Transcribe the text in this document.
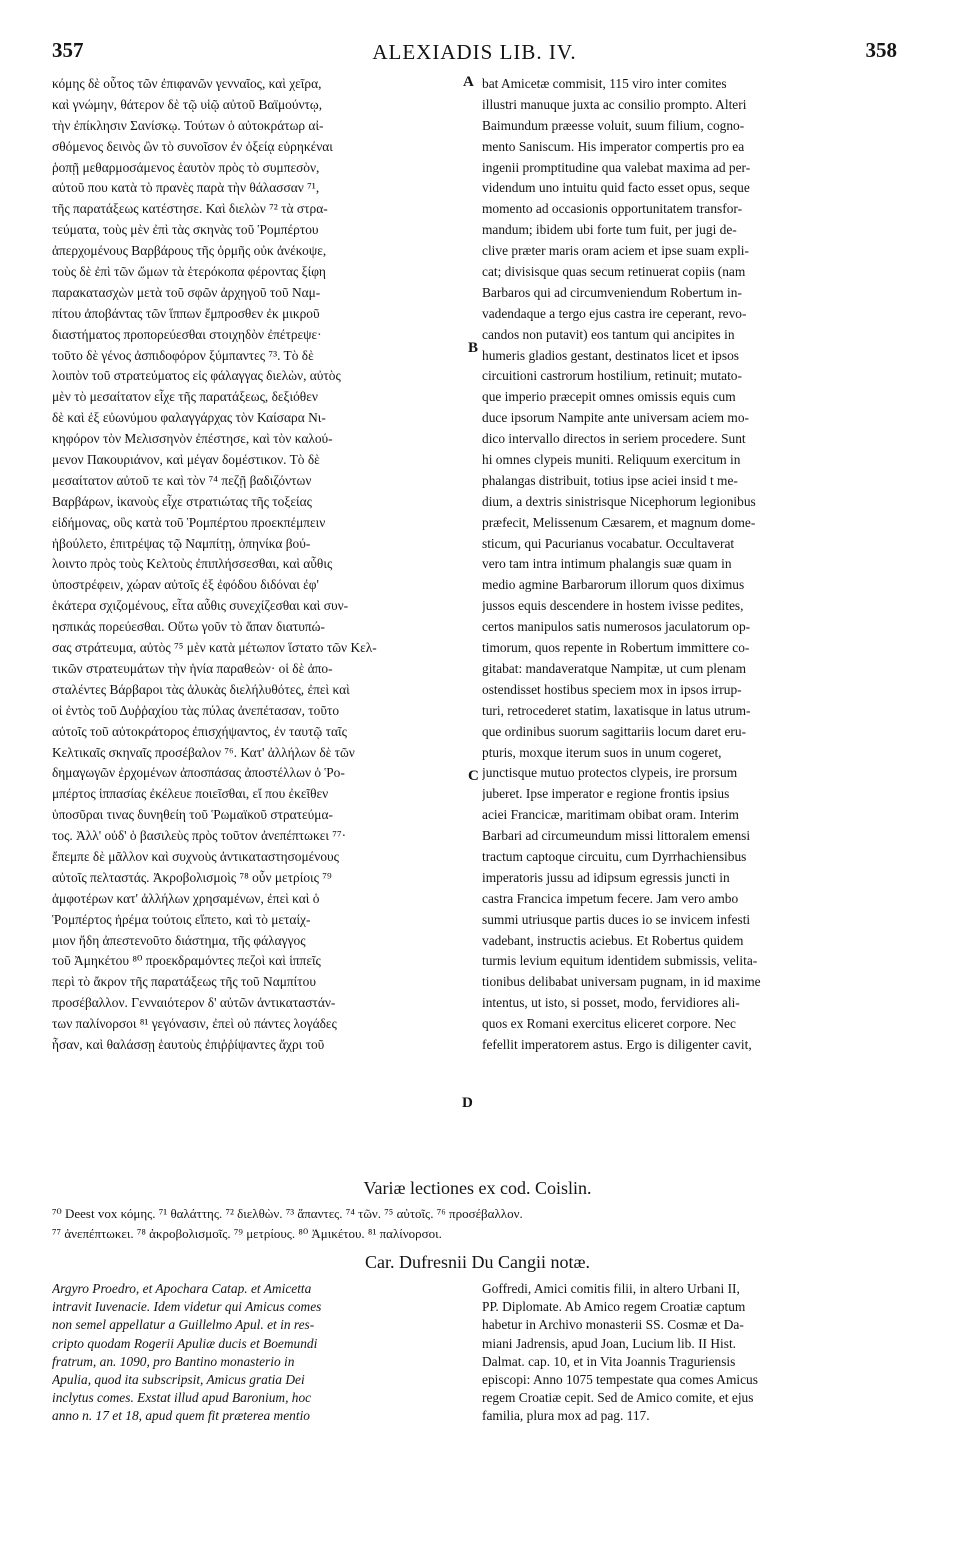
357	ALEXIADIS LIB. IV.	358
κόμης δὲ οὗτος τῶν ἐπιφανῶν γενναῖος, καὶ χεῖρα,
καὶ γνώμην, θάτερον δὲ τῷ υἱῷ αὐτοῦ Βαϊμούντῳ,
τὴν ἐπίκλησιν Σανίσκῳ. Τούτων ὁ αὐτοκράτωρ αἰ-
σθόμενος δεινὸς ὢν τὸ συνοῖσον ἐν ὀξείᾳ εὑρηκέναι
ῥοπῇ μεθαρμοσάμενος ἑαυτὸν πρὸς τὸ συμπεσὸν,
αὐτοῦ που κατὰ τὸ πρανὲς παρὰ τὴν θάλασσαν ⁷¹,
τῆς παρατάξεως κατέστησε. Καὶ διελὼν ⁷² τὰ στρα-
τεύματα, τοὺς μὲν ἐπὶ τὰς σκηνὰς τοῦ Ῥομπέρτου
ἀπερχομένους Βαρβάρους τῆς ὁρμῆς οὐκ ἀνέκοψε,
τοὺς δὲ ἐπὶ τῶν ὤμων τὰ ἑτερόκοπα φέροντας ξίφη
παρακατασχὼν μετὰ τοῦ σφῶν ἀρχηγοῦ τοῦ Ναμ-
πίτου ἀποβάντας τῶν ἵππων ἔμπροσθεν ἐκ μικροῦ
διαστήματος προπορεύεσθαι στοιχηδὸν ἐπέτρεψε·
τοῦτο δὲ γένος ἀσπιδοφόρον ξύμπαντες ⁷³. Τὸ δὲ
λοιπὸν τοῦ στρατεύματος εἰς φάλαγγας διελὼν, αὐτὸς
μὲν τὸ μεσαίτατον εἶχε τῆς παρατάξεως, δεξιόθεν
δὲ καὶ ἐξ εὐωνύμου φαλαγγάρχας τὸν Καίσαρα Νι-
κηφόρον τὸν Μελισσηνὸν ἐπέστησε, καὶ τὸν καλού-
μενον Πακουριάνον, καὶ μέγαν δομέστικον. Τὸ δὲ
μεσαίτατον αὐτοῦ τε καὶ τὸν ⁷⁴ πεζῇ βαδιζόντων
Βαρβάρων, ἱκανοὺς εἶχε στρατιώτας τῆς τοξείας
εἰδήμονας, οὓς κατὰ τοῦ Ῥομπέρτου προεκπέμπειν
ἠβούλετο, ἐπιτρέψας τῷ Ναμπίτῃ, ὁπηνίκα βού-
λοιντο πρὸς τοὺς Κελτοὺς ἐπιπλήσσεσθαι, καὶ αὖθις
ὑποστρέφειν, χώραν αὐτοῖς ἐξ ἐφόδου διδόναι ἐφ'
ἑκάτερα σχιζομένους, εἶτα αὖθις συνεχίζεσθαι καὶ συν-
ησπικάς πορεύεσθαι. Οὕτω γοῦν τὸ ἅπαν διατυπώ-
σας στράτευμα, αὐτὸς ⁷⁵ μὲν κατὰ μέτωπον ἵστατο τῶν Κελ-
τικῶν στρατευμάτων τὴν ἡνία παραθεὼν· οἱ δὲ ἀπο-
σταλέντες Βάρβαροι τὰς ἁλυκὰς διελήλυθότες, ἐπεὶ καὶ
οἱ ἐντὸς τοῦ Δυῤῥαχίου τὰς πύλας ἀνεπέτασαν, τοῦτο
αὐτοῖς τοῦ αὐτοκράτορος ἐπισχήψαντος, ἐν ταυτῷ ταῖς
Κελτικαῖς σκηναῖς προσέβαλον ⁷⁶. Κατ' ἀλλήλων δὲ τῶν
δημαγωγῶν ἐρχομένων ἀποσπάσας ἀποστέλλων ὁ Ῥο-
μπέρτος ἱππασίας ἐκέλευε ποιεῖσθαι, εἴ που ἐκεῖθεν
ὑποσῦραι τινας δυνηθείη τοῦ Ῥωμαϊκοῦ στρατεύμα-
τος. Ἀλλ' οὐδ' ὁ βασιλεὺς πρὸς τοῦτον ἀνεπέπτωκει ⁷⁷·
ἔπεμπε δὲ μᾶλλον καὶ συχνοὺς ἀντικαταστησομένους
αὐτοῖς πελταστάς. Ἀκροβολισμοὶς ⁷⁸ οὖν μετρίοις ⁷⁹
ἀμφοτέρων κατ' ἀλλήλων χρησαμένων, ἐπεὶ καὶ ὁ
Ῥομπέρτος ἠρέμα τούτοις εἵπετο, καὶ τὸ μεταίχ-
μιον ἤδη ἀπεστενοῦτο διάστημα, τῆς φάλαγγος
τοῦ Ἀμηκέτου ⁸⁰ προεκδραμόντες πεζοὶ καὶ ἱππεῖς
περὶ τὸ ἄκρον τῆς παρατάξεως τῆς τοῦ Ναμπίτου
προσέβαλλον. Γενναιότερον δ' αὐτῶν ἀντικαταστάν-
των παλίνορσοι ⁸¹ γεγόνασιν, ἐπεὶ οὐ πάντες λογάδες
ἦσαν, καὶ θαλάσσῃ ἑαυτοὺς ἐπιῤῥίψαντες ἄχρι τοῦ
bat Amicetæ commisit, 115 viro inter comites
illustri manuque juxta ac consilio prompto. Alteri
Baimundum præesse voluit, suum filium, cogno-
mento Saniscum. His imperator compertis pro ea
ingenii promptitudine qua valebat maxima ad per-
videndum uno intuitu quid facto esset opus, seque
momento ad occasionis opportunitatem transfor-
mandum; ibidem ubi forte tum fuit, per jugi de-
clive præter maris oram aciem et ipse suam expli-
cat; divisisque quas secum retinuerat copiis (nam
Barbaros qui ad circumveniendum Robertum in-
vadendaque a tergo ejus castra ire ceperant, revo-
candos non putavit) eos tantum qui ancipites in
humeris gladios gestant, destinatos licet et ipsos
circuitioni castrorum hostilium, retinuit; mutato-
que imperio præcepit omnes omissis equis cum
duce ipsorum Nampite ante universam aciem mo-
dico intervallo directos in seriem procedere. Sunt
hi omnes clypeis muniti. Reliquum exercitum in
phalangas distribuit, totius ipse aciei insid t me-
dium, a dextris sinistrisque Nicephorum legionibus
præfecit, Melissenum Cæsarem, et magnum dome-
sticum, qui Pacurianus vocabatur. Occultaverat
vero tam intra intimum phalangis suæ quam in
medio agmine Barbarorum illorum quos diximus
jussos equis descendere in hostem ivisse pedites,
certos manipulos satis numerosos jaculatorum op-
timorum, quos repente in Robertum immittere co-
gitabat: mandaveratque Nampitæ, ut cum plenam
ostendisset hostibus speciem mox in ipsos irrup-
turi, retrocederet statim, laxatisque in latus utrum-
que ordinibus suorum sagittariis locum daret eru-
pturis, moxque iterum suos in unum cogeret,
junctisque mutuo protectos clypeis, ire prorsum
juberet. Ipse imperator e regione frontis ipsius
aciei Francicæ, maritimam obibat oram. Interim
Barbari ad circumeundum missi littoralem emensi
tractum captoque circuitu, cum Dyrrhachiensibus
imperatoris jussu ad idipsum egressis juncti in
castra Francica impetum fecere. Jam vero ambo
summi utriusque partis duces io se invicem infesti
vadebant, instructis aciebus. Et Robertus quidem
turmis levium equitum identidem submissis, velita-
tionibus delibabat universam pugnam, in id maxime
intentus, ut isto, si posset, modo, fervidiores ali-
quos ex Romani exercitus eliceret corpore. Nec
fefellit imperatorem astus. Ergo is diligenter cavit,
A
B
C
D
Variæ lectiones ex cod. Coislin.
⁷⁰ Deest vox κόμης. ⁷¹ θαλάττης. ⁷² διελθὼν. ⁷³ ἅπαντες. ⁷⁴ τῶν. ⁷⁵ αὐτοῖς. ⁷⁶ προσέβαλλον.
⁷⁷ ἀνεπέπτωκει. ⁷⁸ ἀκροβολισμοῖς. ⁷⁹ μετρίους. ⁸⁰ Ἀμικέτου. ⁸¹ παλίνορσοι.
Car. Dufresnii Du Cangii notæ.
Argyro Proedro, et Apochara Catap. et Amicetta
intravit Iuvenacie. Idem videtur qui Amicus comes
non semel appellatur a Guillelmo Apul. et in res-
cripto quodam Rogerii Apuliæ ducis et Boemundi
fratrum, an. 1090, pro Bantino monasterio in
Apulia, quod ita subscripsit, Amicus gratia Dei
inclytus comes. Exstat illud apud Baronium, hoc
anno n. 17 et 18, apud quem fit præterea mentio
Goffredi, Amici comitis filii, in altero Urbani II,
PP. Diplomate. Ab Amico regem Croatiæ captum
habetur in Archivo monasterii SS. Cosmæ et Da-
miani Jadrensis, apud Joan, Lucium lib. II Hist.
Dalmat. cap. 10, et in Vita Joannis Traguriensis
episcopi: Anno 1075 tempestate qua comes Amicus
regem Croatiæ cepit. Sed de Amico comite, et ejus
familia, plura mox ad pag. 117.
